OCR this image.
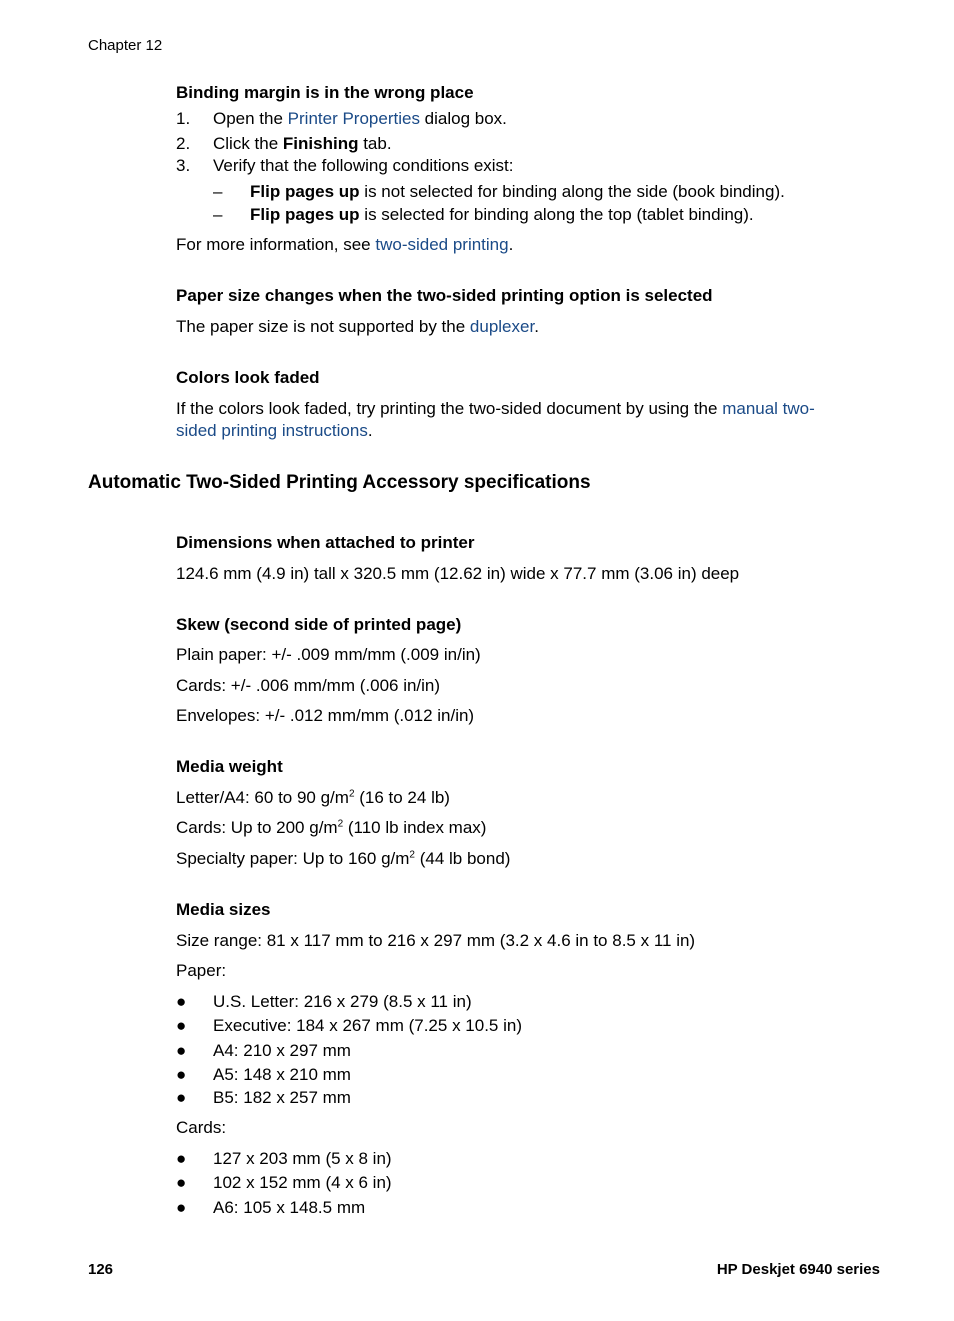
Chapter 12
Binding margin is in the wrong place
1. Open the Printer Properties dialog box.
2. Click the Finishing tab.
3. Verify that the following conditions exist:
– Flip pages up is not selected for binding along the side (book binding).
– Flip pages up is selected for binding along the top (tablet binding).
For more information, see two-sided printing.
Paper size changes when the two-sided printing option is selected
The paper size is not supported by the duplexer.
Colors look faded
If the colors look faded, try printing the two-sided document by using the manual two-
sided printing instructions.
Automatic Two-Sided Printing Accessory specifications
Dimensions when attached to printer
124.6 mm (4.9 in) tall x 320.5 mm (12.62 in) wide x 77.7 mm (3.06 in) deep
Skew (second side of printed page)
Plain paper: +/- .009 mm/mm (.009 in/in)
Cards: +/- .006 mm/mm (.006 in/in)
Envelopes: +/- .012 mm/mm (.012 in/in)
Media weight
Letter/A4: 60 to 90 $g/m^2$ (16 to 24 lb)
Cards: Up to 200 $g/m^2$ (110 lb index max)
Specialty paper: Up to 160 $g/m^2$ (44 lb bond)
Media sizes
Size range: 81 x 117 mm to 216 x 297 mm (3.2 x 4.6 in to 8.5 x 11 in)
Paper:
● U.S. Letter: 216 x 279 (8.5 x 11 in)
● Executive: 184 x 267 mm (7.25 x 10.5 in)
● A4: 210 x 297 mm
● A5: 148 x 210 mm
● B5: 182 x 257 mm
Cards:
● 127 x 203 mm (5 x 8 in)
● 102 x 152 mm (4 x 6 in)
● A6: 105 x 148.5 mm
126	HP Deskjet 6940 series
